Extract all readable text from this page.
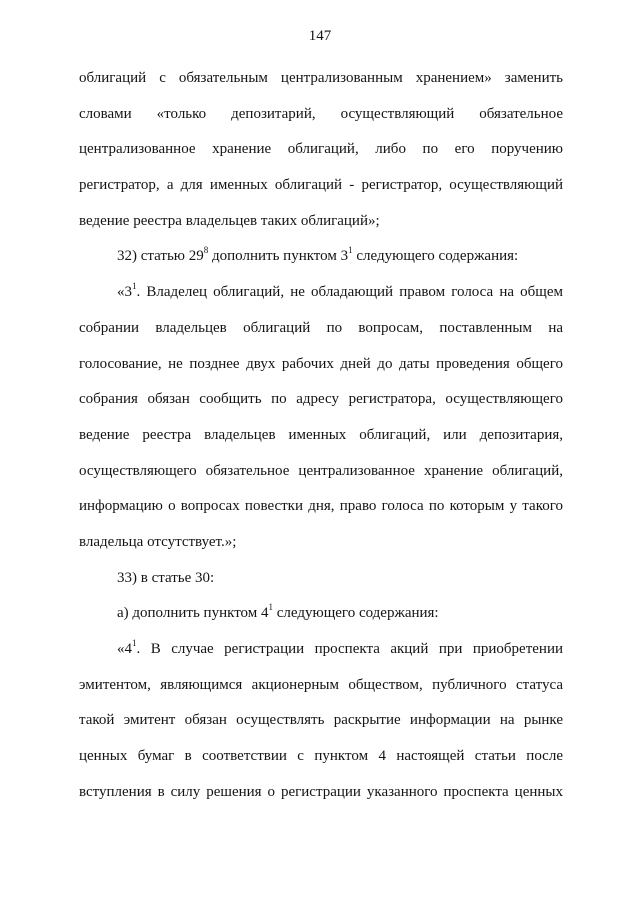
147
облигаций с обязательным централизованным хранением» заменить
словами «только депозитарий, осуществляющий обязательное
централизованное хранение облигаций, либо по его поручению
регистратор, а для именных облигаций - регистратор, осуществляющий
ведение реестра владельцев таких облигаций»;
32) статью $29^8$ дополнить пунктом $3^1$ следующего содержания:
«$3^1$. Владелец облигаций, не обладающий правом голоса на общем
собрании владельцев облигаций по вопросам, поставленным на
голосование, не позднее двух рабочих дней до даты проведения общего
собрания обязан сообщить по адресу регистратора, осуществляющего
ведение реестра владельцев именных облигаций, или депозитария,
осуществляющего обязательное централизованное хранение облигаций,
информацию о вопросах повестки дня, право голоса по которым у такого
владельца отсутствует.»;
33) в статье 30:
а) дополнить пунктом $4^1$ следующего содержания:
«$4^1$. В случае регистрации проспекта акций при приобретении
эмитентом, являющимся акционерным обществом, публичного статуса
такой эмитент обязан осуществлять раскрытие информации на рынке
ценных бумаг в соответствии с пунктом 4 настоящей статьи после
вступления в силу решения о регистрации указанного проспекта ценных
